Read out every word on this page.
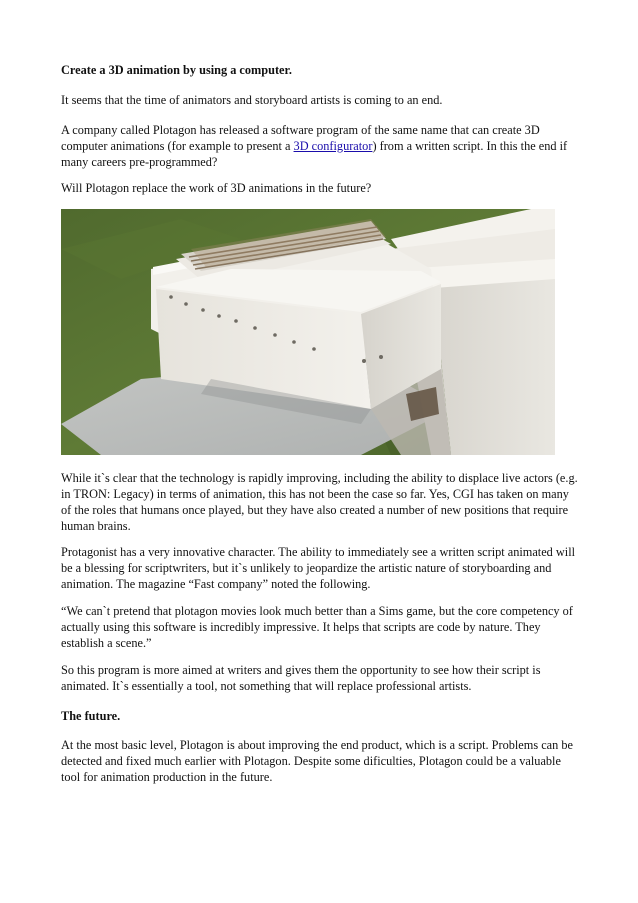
Create a 3D animation by using a computer.

It seems that the time of animators and storyboard artists is coming to an end.

A company called Plotagon has released a software program of the same name that can create 3D computer animations (for example to present a 3D configurator) from a written script. In this the end if many careers pre-programmed?

Will Plotagon replace the work of 3D animations in the future?

While it`s clear that the technology is rapidly improving, including the ability to displace live actors (e.g. in TRON: Legacy) in terms of animation, this has not been the case so far. Yes, CGI has taken on many of the roles that humans once played, but they have also created a number of new positions that require human brains.

Protagonist has a very innovative character. The ability to immediately see a written script animated will be a blessing for scriptwriters, but it`s unlikely to jeopardize the artistic nature of storyboarding and animation. The magazine “Fast company” noted the following.

“We can`t pretend that plotagon movies look much better than a Sims game, but the core competency of actually using this software is incredibly impressive. It helps that scripts are code by nature. They establish a scene.”

So this program is more aimed at writers and gives them the opportunity to see how their script is animated. It`s essentially a tool, not something that will replace professional artists.

The future.

At the most basic level, Plotagon is about improving the end product, which is a script. Problems can be detected and fixed much earlier with Plotagon. Despite some dificulties, Plotagon could be a valuable tool for animation production in the future.
